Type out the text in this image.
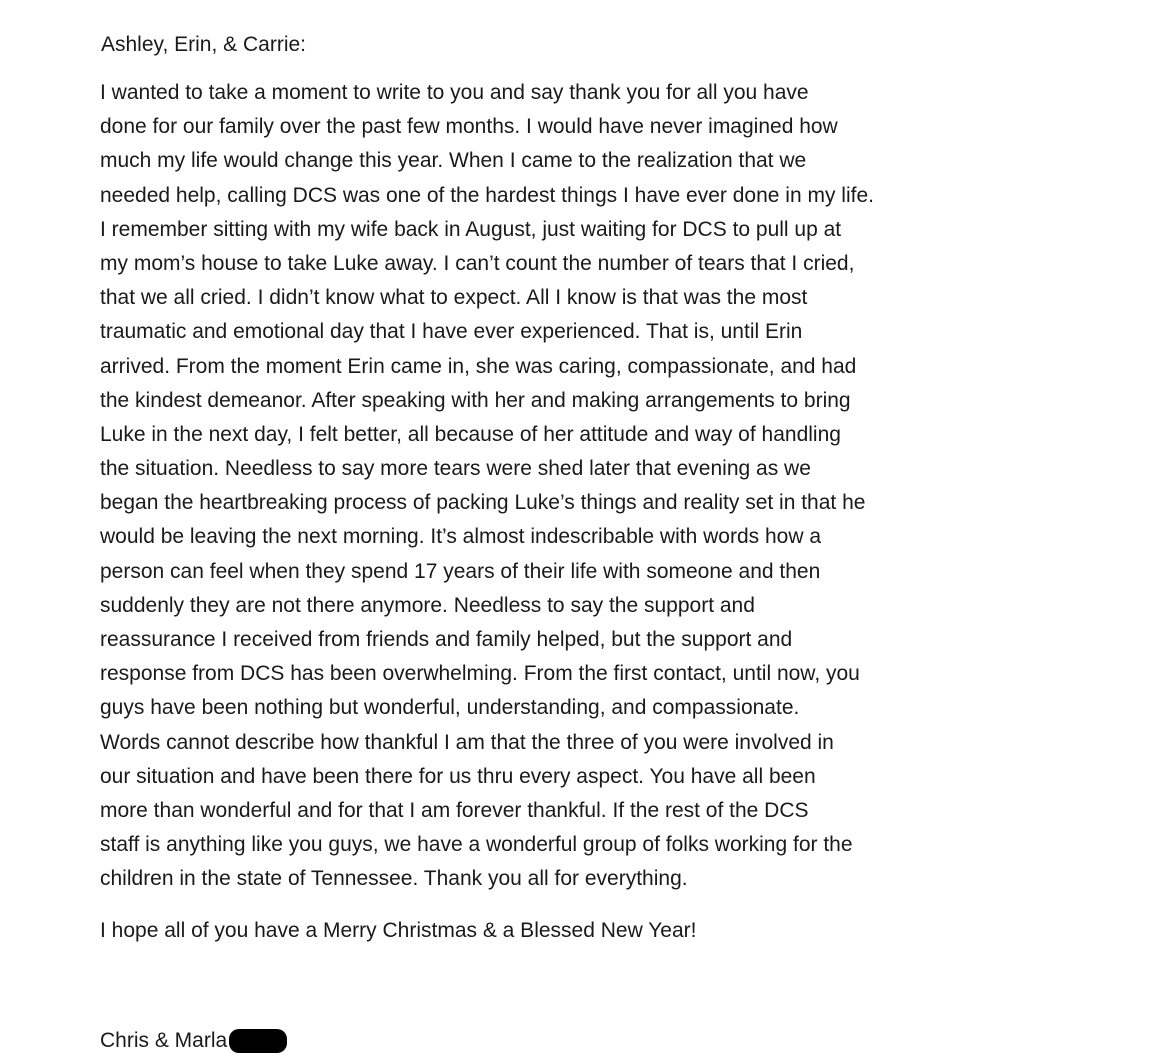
Ashley, Erin, & Carrie:

I wanted to take a moment to write to you and say thank you for all you have
done for our family over the past few months. I would have never imagined how
much my life would change this year. When I came to the realization that we
needed help, calling DCS was one of the hardest things I have ever done in my life.
I remember sitting with my wife back in August, just waiting for DCS to pull up at
my mom’s house to take Luke away. I can’t count the number of tears that I cried,
that we all cried. I didn’t know what to expect. All I know is that was the most
traumatic and emotional day that I have ever experienced. That is, until Erin
arrived. From the moment Erin came in, she was caring, compassionate, and had
the kindest demeanor. After speaking with her and making arrangements to bring
Luke in the next day, I felt better, all because of her attitude and way of handling
the situation. Needless to say more tears were shed later that evening as we
began the heartbreaking process of packing Luke’s things and reality set in that he
would be leaving the next morning. It’s almost indescribable with words how a
person can feel when they spend 17 years of their life with someone and then
suddenly they are not there anymore. Needless to say the support and
reassurance I received from friends and family helped, but the support and
response from DCS has been overwhelming. From the first contact, until now, you
guys have been nothing but wonderful, understanding, and compassionate.
Words cannot describe how thankful I am that the three of you were involved in
our situation and have been there for us thru every aspect. You have all been
more than wonderful and for that I am forever thankful. If the rest of the DCS
staff is anything like you guys, we have a wonderful group of folks working for the
children in the state of Tennessee. Thank you all for everything.

I hope all of you have a Merry Christmas & a Blessed New Year!

Chris & Marla
